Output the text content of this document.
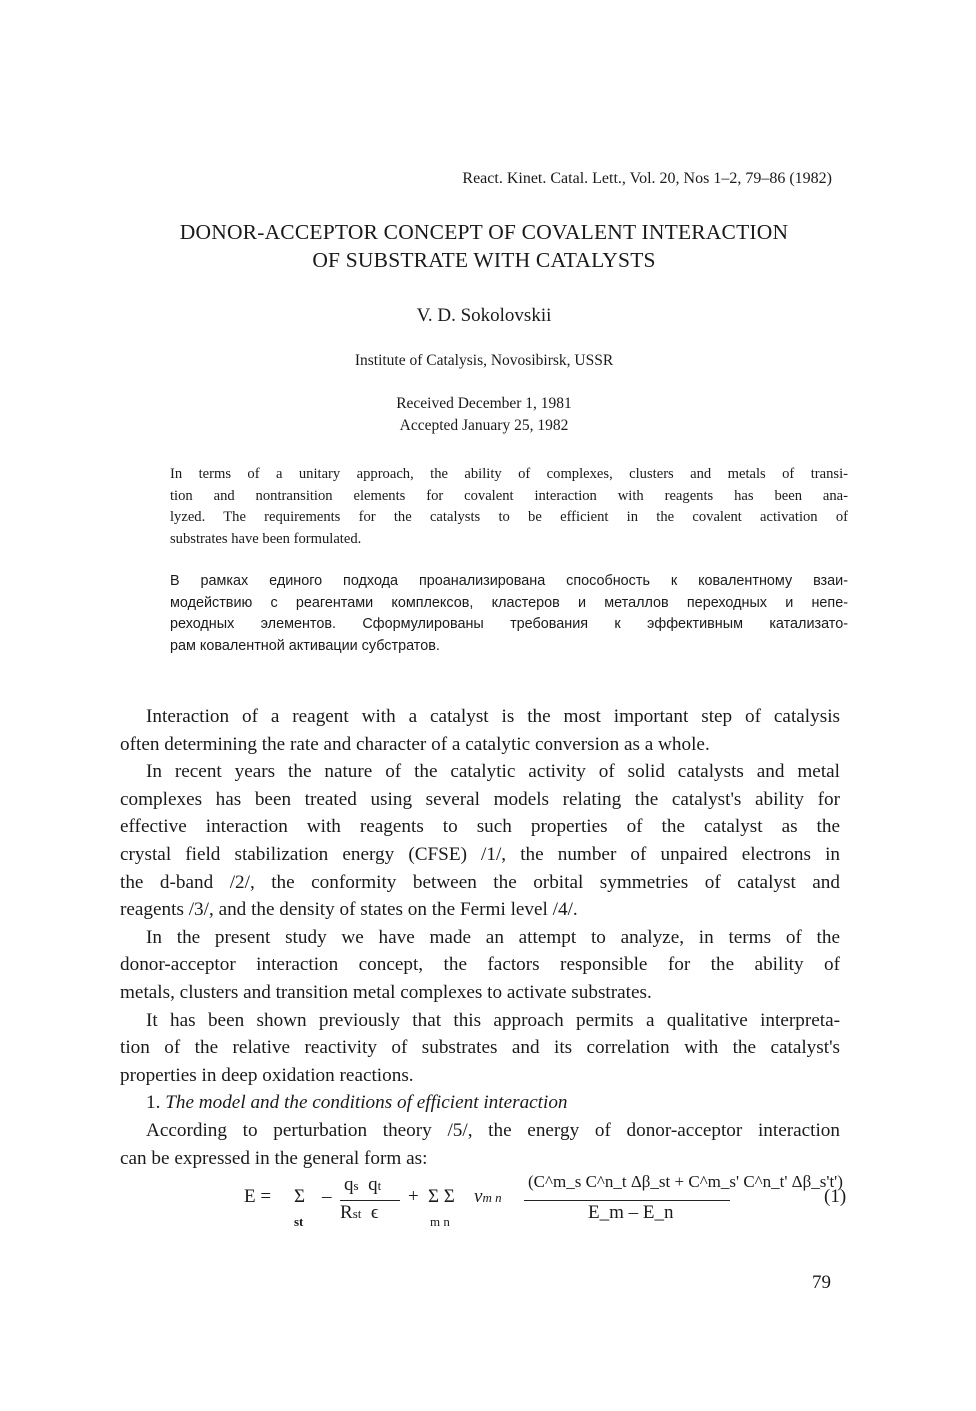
React. Kinet. Catal. Lett., Vol. 20, Nos 1–2, 79–86 (1982)
DONOR-ACCEPTOR CONCEPT OF COVALENT INTERACTION
OF SUBSTRATE WITH CATALYSTS
V. D. Sokolovskii
Institute of Catalysis, Novosibirsk, USSR
Received December 1, 1981
Accepted January 25, 1982
In terms of a unitary approach, the ability of complexes, clusters and metals of transi-
tion and nontransition elements for covalent interaction with reagents has been ana-
lyzed. The requirements for the catalysts to be efficient in the covalent activation of
substrates have been formulated.
В рамках единого подхода проанализирована способность к ковалентному взаи-
модействию с реагентами комплексов, кластеров и металлов переходных и непе-
реходных элементов. Сформулированы требования к эффективным катализато-
рам ковалентной активации субстратов.
Interaction of a reagent with a catalyst is the most important step of catalysis
often determining the rate and character of a catalytic conversion as a whole.
In recent years the nature of the catalytic activity of solid catalysts and metal
complexes has been treated using several models relating the catalyst's ability for
effective interaction with reagents to such properties of the catalyst as the
crystal field stabilization energy (CFSE) /1/, the number of unpaired electrons in
the d-band /2/, the conformity between the orbital symmetries of catalyst and
reagents /3/, and the density of states on the Fermi level /4/.
In the present study we have made an attempt to analyze, in terms of the
donor-acceptor interaction concept, the factors responsible for the ability of
metals, clusters and transition metal complexes to activate substrates.
It has been shown previously that this approach permits a qualitative interpreta-
tion of the relative reactivity of substrates and its correlation with the catalyst's
properties in deep oxidation reactions.
1. The model and the conditions of efficient interaction
According to perturbation theory /5/, the energy of donor-acceptor interaction
can be expressed in the general form as:
E = Σ
st
–
qs qt
Rst ϵ
+ Σ Σ
m n
νm n
(C^m_s C^n_t Δβ_st + C^m_s' C^n_t' Δβ_s't')
E_m – E_n
(1)
79
